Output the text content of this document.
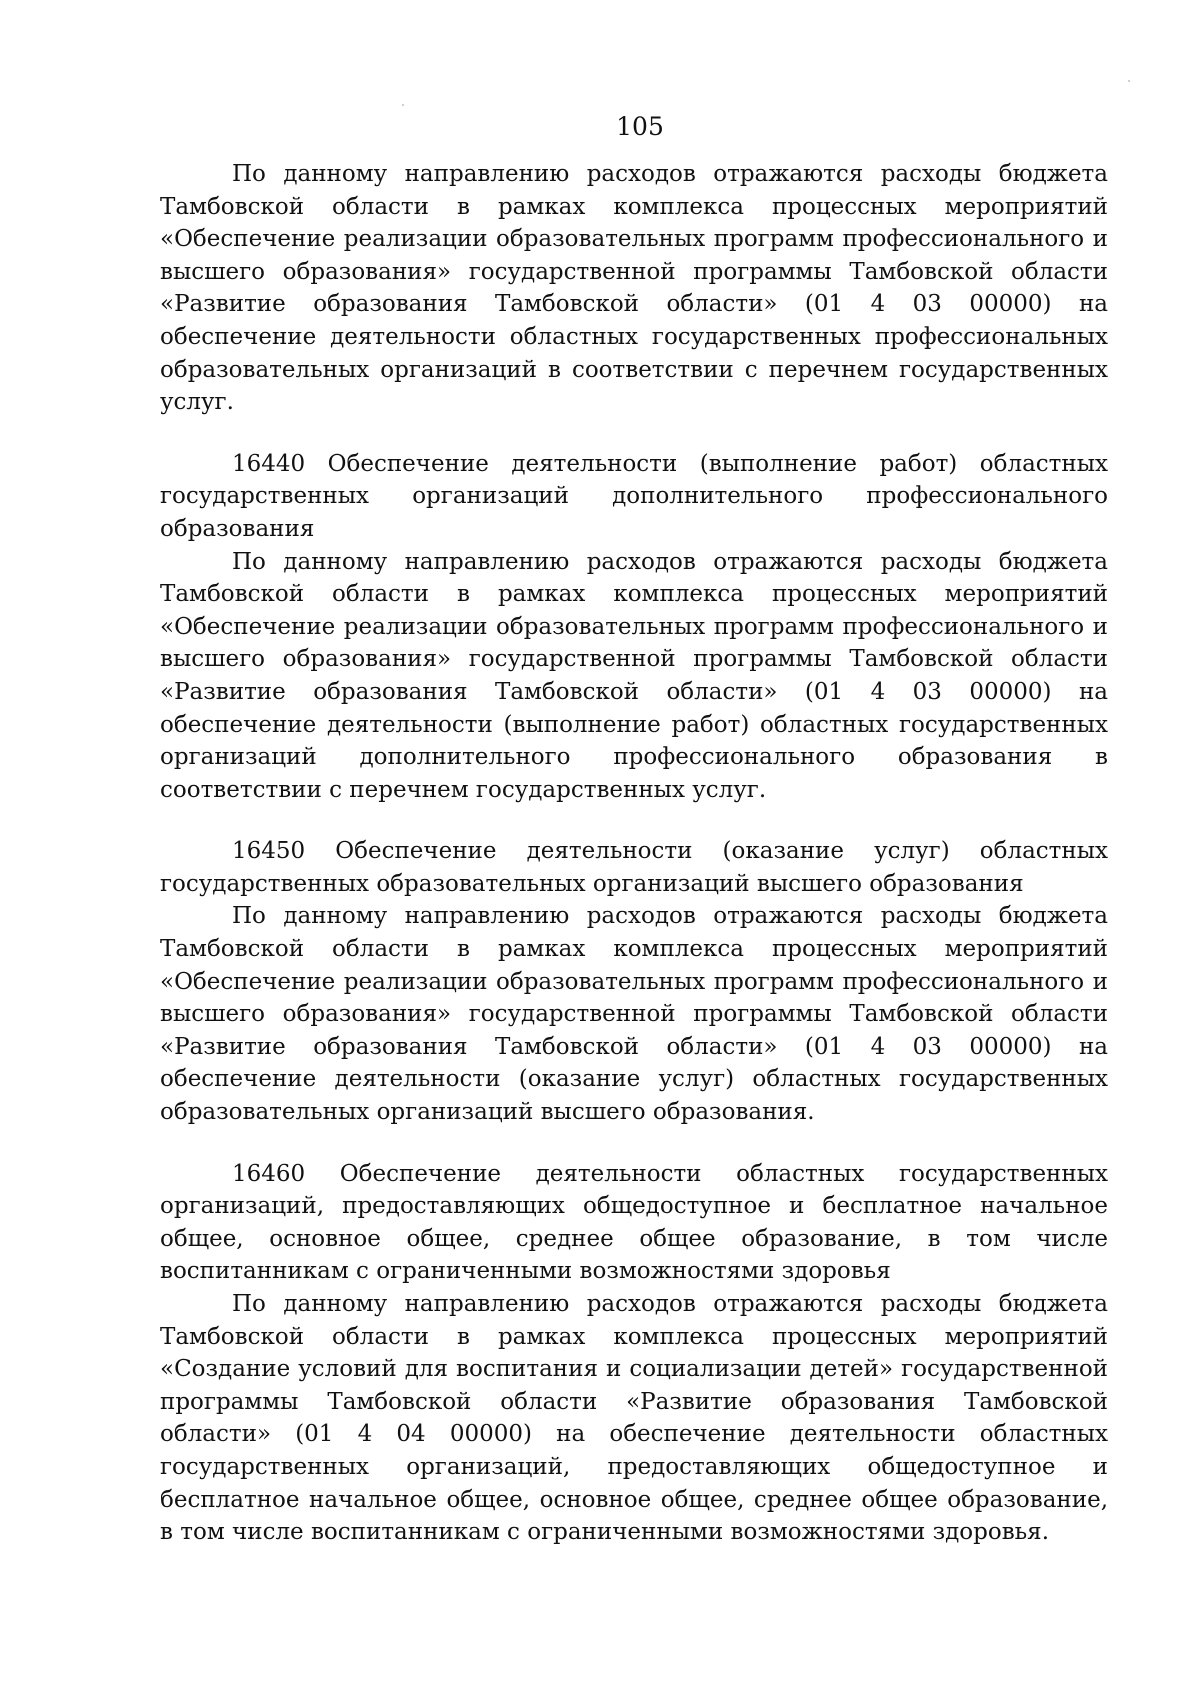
105

По данному направлению расходов отражаются расходы бюджета Тамбовской области в рамках комплекса процессных мероприятий «Обеспечение реализации образовательных программ профессионального и высшего образования» государственной программы Тамбовской области «Развитие образования Тамбовской области» (01 4 03 00000) на обеспечение деятельности областных государственных профессиональных образовательных организаций в соответствии с перечнем государственных услуг.

16440 Обеспечение деятельности (выполнение работ) областных государственных организаций дополнительного профессионального образования

По данному направлению расходов отражаются расходы бюджета Тамбовской области в рамках комплекса процессных мероприятий «Обеспечение реализации образовательных программ профессионального и высшего образования» государственной программы Тамбовской области «Развитие образования Тамбовской области» (01 4 03 00000) на обеспечение деятельности (выполнение работ) областных государственных организаций дополнительного профессионального образования в соответствии с перечнем государственных услуг.

16450 Обеспечение деятельности (оказание услуг) областных государственных образовательных организаций высшего образования

По данному направлению расходов отражаются расходы бюджета Тамбовской области в рамках комплекса процессных мероприятий «Обеспечение реализации образовательных программ профессионального и высшего образования» государственной программы Тамбовской области «Развитие образования Тамбовской области» (01 4 03 00000) на обеспечение деятельности (оказание услуг) областных государственных образовательных организаций высшего образования.

16460 Обеспечение деятельности областных государственных организаций, предоставляющих общедоступное и бесплатное начальное общее, основное общее, среднее общее образование, в том числе воспитанникам с ограниченными возможностями здоровья

По данному направлению расходов отражаются расходы бюджета Тамбовской области в рамках комплекса процессных мероприятий «Создание условий для воспитания и социализации детей» государственной программы Тамбовской области «Развитие образования Тамбовской области» (01 4 04 00000) на обеспечение деятельности областных государственных организаций, предоставляющих общедоступное и бесплатное начальное общее, основное общее, среднее общее образование, в том числе воспитанникам с ограниченными возможностями здоровья.
